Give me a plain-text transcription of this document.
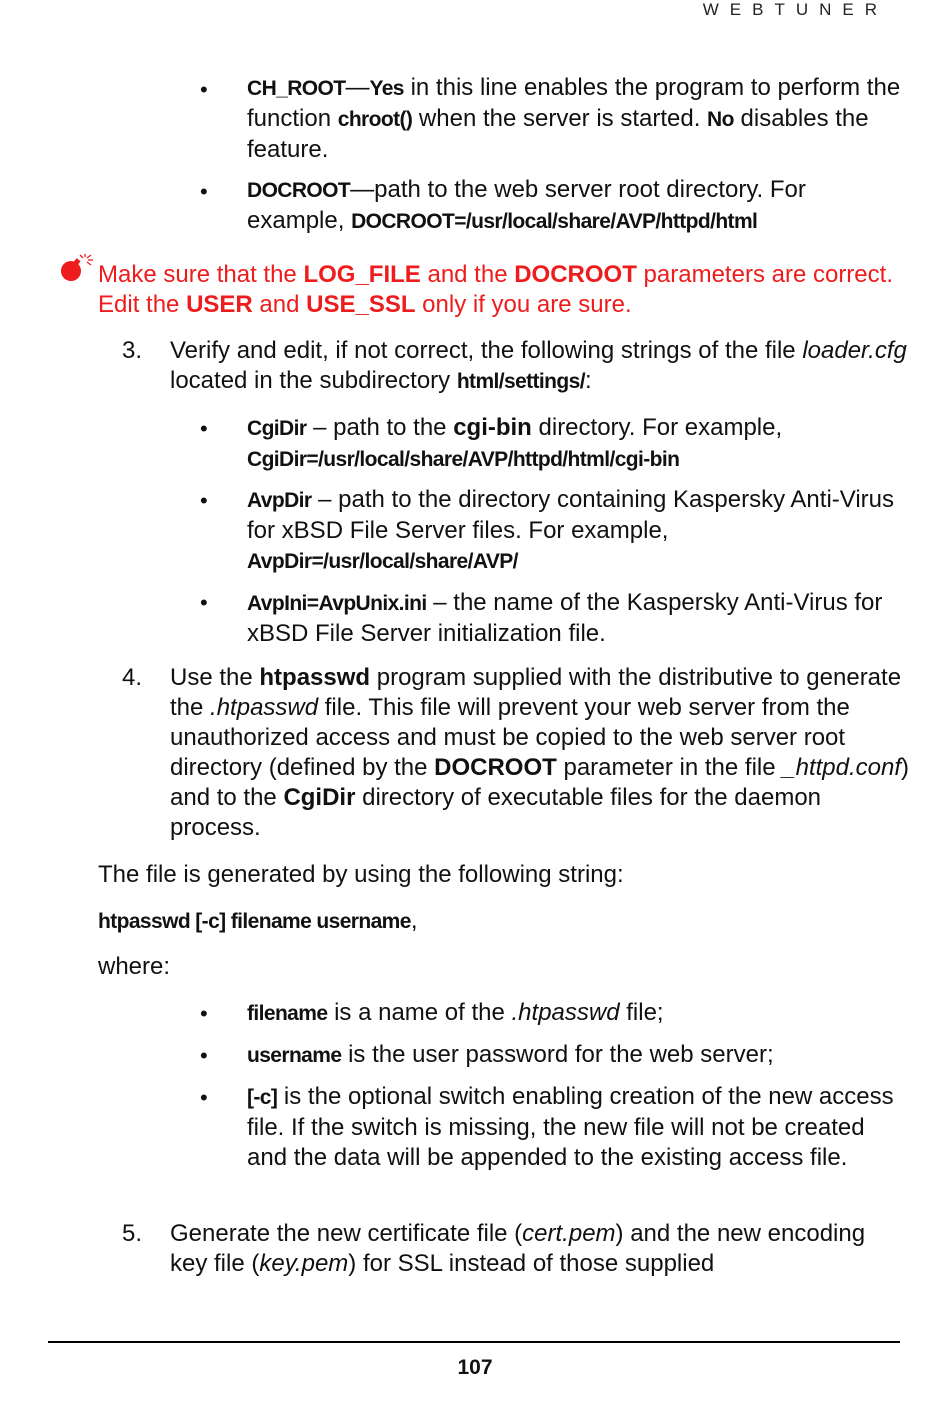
WEBTUNER
• CH_ROOT—Yes in this line enables the program to perform the function chroot() when the server is started. No disables the feature.
• DOCROOT—path to the web server root directory. For example, DOCROOT=/usr/local/share/AVP/httpd/html
Make sure that the LOG_FILE and the DOCROOT parameters are correct. Edit the USER and USE_SSL only if you are sure.
3. Verify and edit, if not correct, the following strings of the file loader.cfg located in the subdirectory html/settings/:
• CgiDir – path to the cgi-bin directory. For example, CgiDir=/usr/local/share/AVP/httpd/html/cgi-bin
• AvpDir – path to the directory containing Kaspersky Anti-Virus for xBSD File Server files. For example, AvpDir=/usr/local/share/AVP/
• AvpIni=AvpUnix.ini – the name of the Kaspersky Anti-Virus for xBSD File Server initialization file.
4. Use the htpasswd program supplied with the distributive to generate the .htpasswd file. This file will prevent your web server from the unauthorized access and must be copied to the web server root directory (defined by the DOCROOT parameter in the file _httpd.conf) and to the CgiDir directory of executable files for the daemon process.
The file is generated by using the following string:
htpasswd [-c] filename username,
where:
• filename is a name of the .htpasswd file;
• username is the user password for the web server;
• [-c] is the optional switch enabling creation of the new access file. If the switch is missing, the new file will not be created and the data will be appended to the existing access file.
5. Generate the new certificate file (cert.pem) and the new encoding key file (key.pem) for SSL instead of those supplied
107
